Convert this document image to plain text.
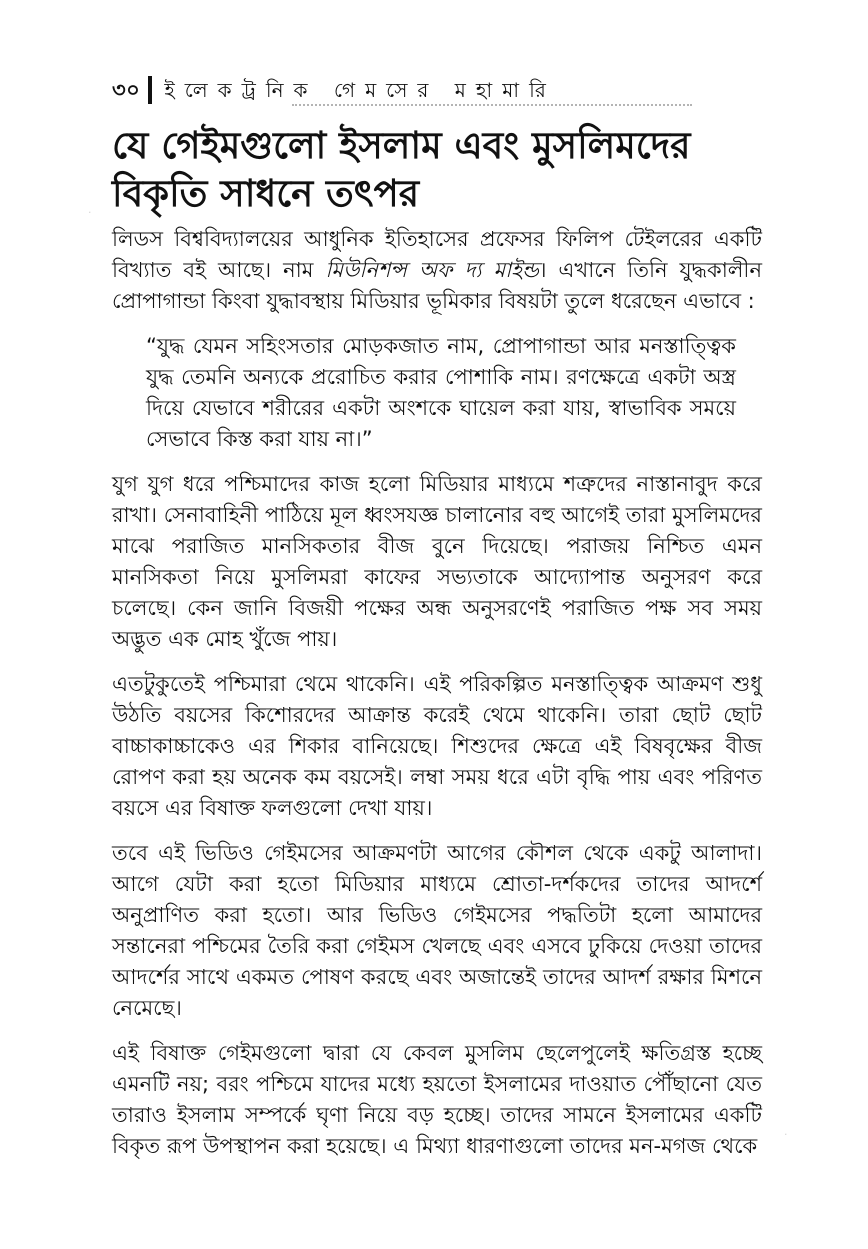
৩০ ইলেকট্রনিক গেমসের মহামারি
যে গেইমগুলো ইসলাম এবং মুসলিমদের বিকৃতি সাধনে তৎপর

লিডস বিশ্ববিদ্যালয়ের আধুনিক ইতিহাসের প্রফেসর ফিলিপ টেইলরের একটি বিখ্যাত বই আছে। নাম মিউনিশন্স অফ দ্য মাইন্ড। এখানে তিনি যুদ্ধকালীন প্রোপাগান্ডা কিংবা যুদ্ধাবস্থায় মিডিয়ার ভূমিকার বিষয়টা তুলে ধরেছেন এভাবে :

“যুদ্ধ যেমন সহিংসতার মোড়কজাত নাম, প্রোপাগান্ডা আর মনস্তাত্ত্বিক যুদ্ধ তেমনি অন্যকে প্ররোচিত করার পোশাকি নাম। রণক্ষেত্রে একটা অস্ত্র দিয়ে যেভাবে শরীরের একটা অংশকে ঘায়েল করা যায়, স্বাভাবিক সময়ে সেভাবে কিস্ত করা যায় না।”

যুগ যুগ ধরে পশ্চিমাদের কাজ হলো মিডিয়ার মাধ্যমে শত্রুদের নাস্তানাবুদ করে রাখা। সেনাবাহিনী পাঠিয়ে মূল ধ্বংসযজ্ঞ চালানোর বহু আগেই তারা মুসলিমদের মাঝে পরাজিত মানসিকতার বীজ বুনে দিয়েছে। পরাজয় নিশ্চিত এমন মানসিকতা নিয়ে মুসলিমরা কাফের সভ্যতাকে আদ্যোপান্ত অনুসরণ করে চলেছে। কেন জানি বিজয়ী পক্ষের অন্ধ অনুসরণেই পরাজিত পক্ষ সব সময় অদ্ভুত এক মোহ খুঁজে পায়।

এতটুকুতেই পশ্চিমারা থেমে থাকেনি। এই পরিকল্পিত মনস্তাত্ত্বিক আক্রমণ শুধু উঠতি বয়সের কিশোরদের আক্রান্ত করেই থেমে থাকেনি। তারা ছোট ছোট বাচ্চাকাচ্চাকেও এর শিকার বানিয়েছে। শিশুদের ক্ষেত্রে এই বিষবৃক্ষের বীজ রোপণ করা হয় অনেক কম বয়সেই। লম্বা সময় ধরে এটা বৃদ্ধি পায় এবং পরিণত বয়সে এর বিষাক্ত ফলগুলো দেখা যায়।

তবে এই ভিডিও গেইমসের আক্রমণটা আগের কৌশল থেকে একটু আলাদা। আগে যেটা করা হতো মিডিয়ার মাধ্যমে শ্রোতা-দর্শকদের তাদের আদর্শে অনুপ্রাণিত করা হতো। আর ভিডিও গেইমসের পদ্ধতিটা হলো আমাদের সন্তানেরা পশ্চিমের তৈরি করা গেইমস খেলছে এবং এসবে ঢুকিয়ে দেওয়া তাদের আদর্শের সাথে একমত পোষণ করছে এবং অজান্তেই তাদের আদর্শ রক্ষার মিশনে নেমেছে।

এই বিষাক্ত গেইমগুলো দ্বারা যে কেবল মুসলিম ছেলেপুলেই ক্ষতিগ্রস্ত হচ্ছে এমনটি নয়; বরং পশ্চিমে যাদের মধ্যে হয়তো ইসলামের দাওয়াত পৌঁছানো যেত তারাও ইসলাম সম্পর্কে ঘৃণা নিয়ে বড় হচ্ছে। তাদের সামনে ইসলামের একটি বিকৃত রূপ উপস্থাপন করা হয়েছে। এ মিথ্যা ধারণাগুলো তাদের মন-মগজ থেকে

·
·
